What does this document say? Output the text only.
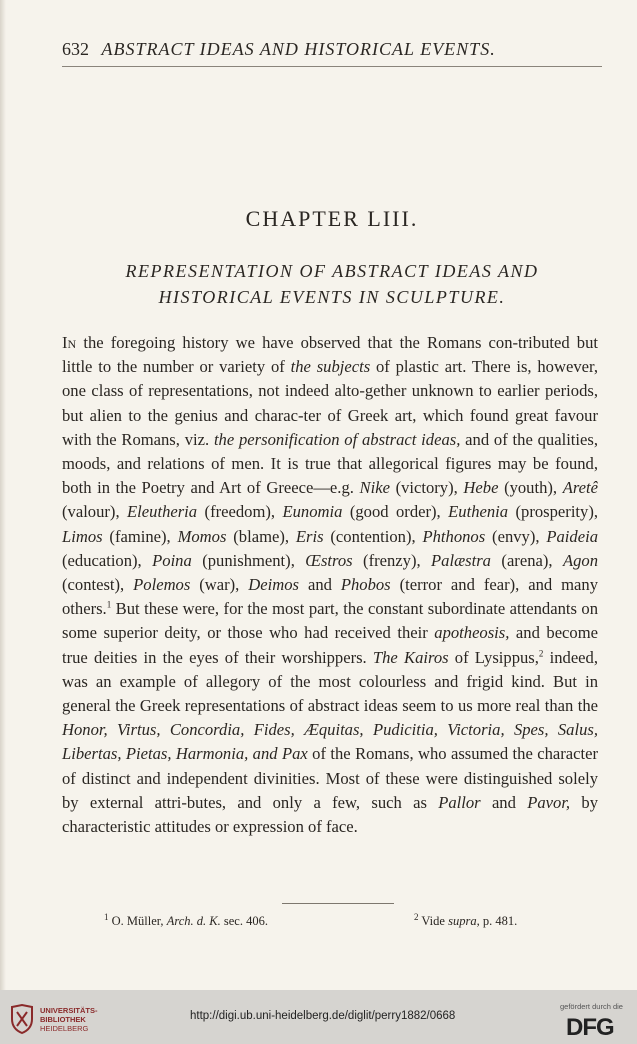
632 ABSTRACT IDEAS AND HISTORICAL EVENTS.
CHAPTER LIII.
REPRESENTATION OF ABSTRACT IDEAS AND
HISTORICAL EVENTS IN SCULPTURE.

In the foregoing history we have observed that the Romans con-tributed but little to the number or variety of the subjects of plastic art. There is, however, one class of representations, not indeed alto-gether unknown to earlier periods, but alien to the genius and charac-ter of Greek art, which found great favour with the Romans, viz. the personification of abstract ideas, and of the qualities, moods, and relations of men. It is true that allegorical figures may be found, both in the Poetry and Art of Greece—e.g. Nike (victory), Hebe (youth), Aretê (valour), Eleutheria (freedom), Eunomia (good order), Euthenia (prosperity), Limos (famine), Momos (blame), Eris (contention), Phthonos (envy), Paideia (education), Poina (punishment), Œstros (frenzy), Palæstra (arena), Agon (contest), Polemos (war), Deimos and Phobos (terror and fear), and many others.$^1$ But these were, for the most part, the constant subordinate attendants on some superior deity, or those who had received their apotheosis, and become true deities in the eyes of their worshippers. The Kairos of Lysippus,$^2$ indeed, was an example of allegory of the most colourless and frigid kind. But in general the Greek representations of abstract ideas seem to us more real than the Honor, Virtus, Concordia, Fides, Æquitas, Pudicitia, Victoria, Spes, Salus, Libertas, Pietas, Harmonia, and Pax of the Romans, who assumed the character of distinct and independent divinities. Most of these were distinguished solely by external attri-butes, and only a few, such as Pallor and Pavor, by characteristic attitudes or expression of face.

$^1$ O. Müller, Arch. d. K. sec. 406.	$^2$ Vide supra, p. 481.
UNIVERSITÄTS-
BIBLIOTHEK
HEIDELBERG
http://digi.ub.uni-heidelberg.de/diglit/perry1882/0668
gefördert durch die
DFG
